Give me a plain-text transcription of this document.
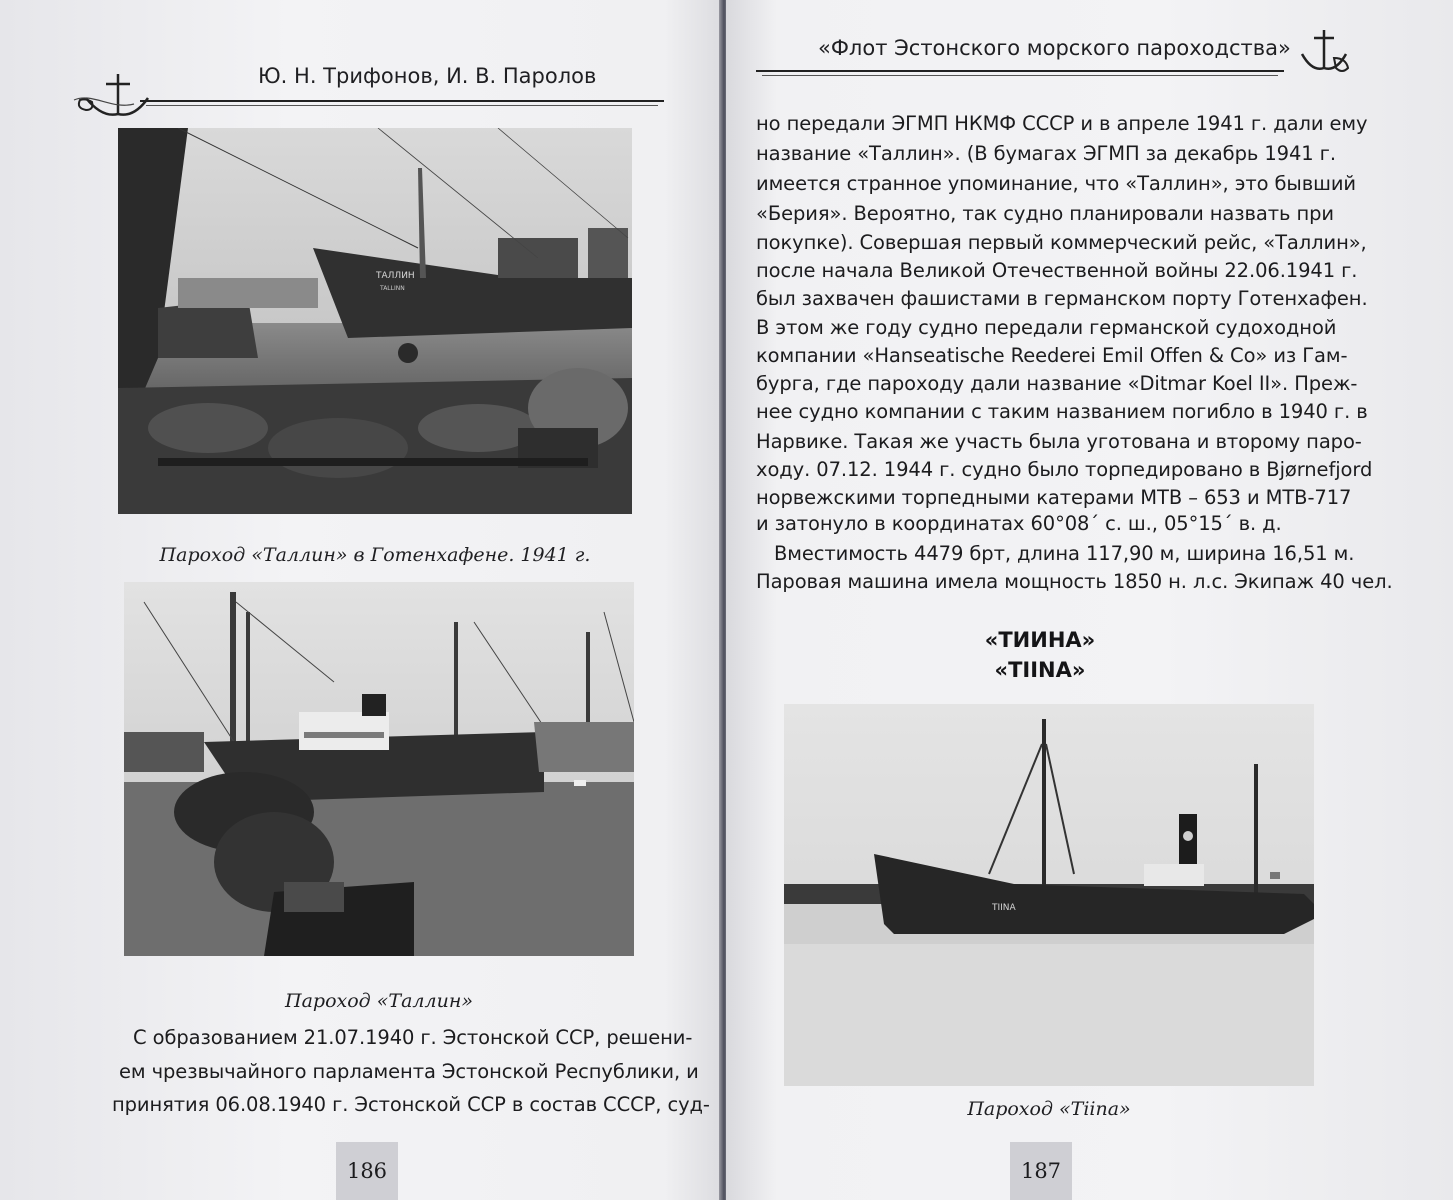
Ю. Н. Трифонов, И. В. Паролов
ТАЛЛИН
TALLINN
Пароход «Таллин» в Готенхафене. 1941 г.
Пароход «Таллин»
С образованием 21.07.1940 г. Эстонской ССР, решени-
ем чрезвычайного парламента Эстонской Республики, и
принятия 06.08.1940 г. Эстонской ССР в состав СССР, суд-
186
«Флот Эстонского морского пароходства»
но передали ЭГМП НКМФ СССР и в апреле 1941 г. дали ему
название «Таллин». (В бумагах ЭГМП за декабрь 1941 г.
имеется странное упоминание, что «Таллин», это бывший
«Берия». Вероятно, так судно планировали назвать при
покупке). Совершая первый коммерческий рейс, «Таллин»,
после начала Великой Отечественной войны 22.06.1941 г.
был захвачен фашистами в германском порту Готенхафен.
В этом же году судно передали германской судоходной
компании «Hanseatische Reederei Emil Offen & Co» из Гам-
бурга, где пароходу дали название «Ditmar Koel II». Преж-
нее судно компании с таким названием погибло в 1940 г. в
Нарвике. Такая же участь была уготована и второму паро-
ходу. 07.12. 1944 г. судно было торпедировано в Bjørnefjord
норвежскими торпедными катерами МТВ – 653 и МТВ-717
и затонуло в координатах 60°08´ с. ш., 05°15´ в. д.
Вместимость 4479 брт, длина 117,90 м, ширина 16,51 м.
Паровая машина имела мощность 1850 н. л.с. Экипаж 40 чел.
«ТИИНА»
«TIINA»
TIINA
Пароход «Tiina»
187
